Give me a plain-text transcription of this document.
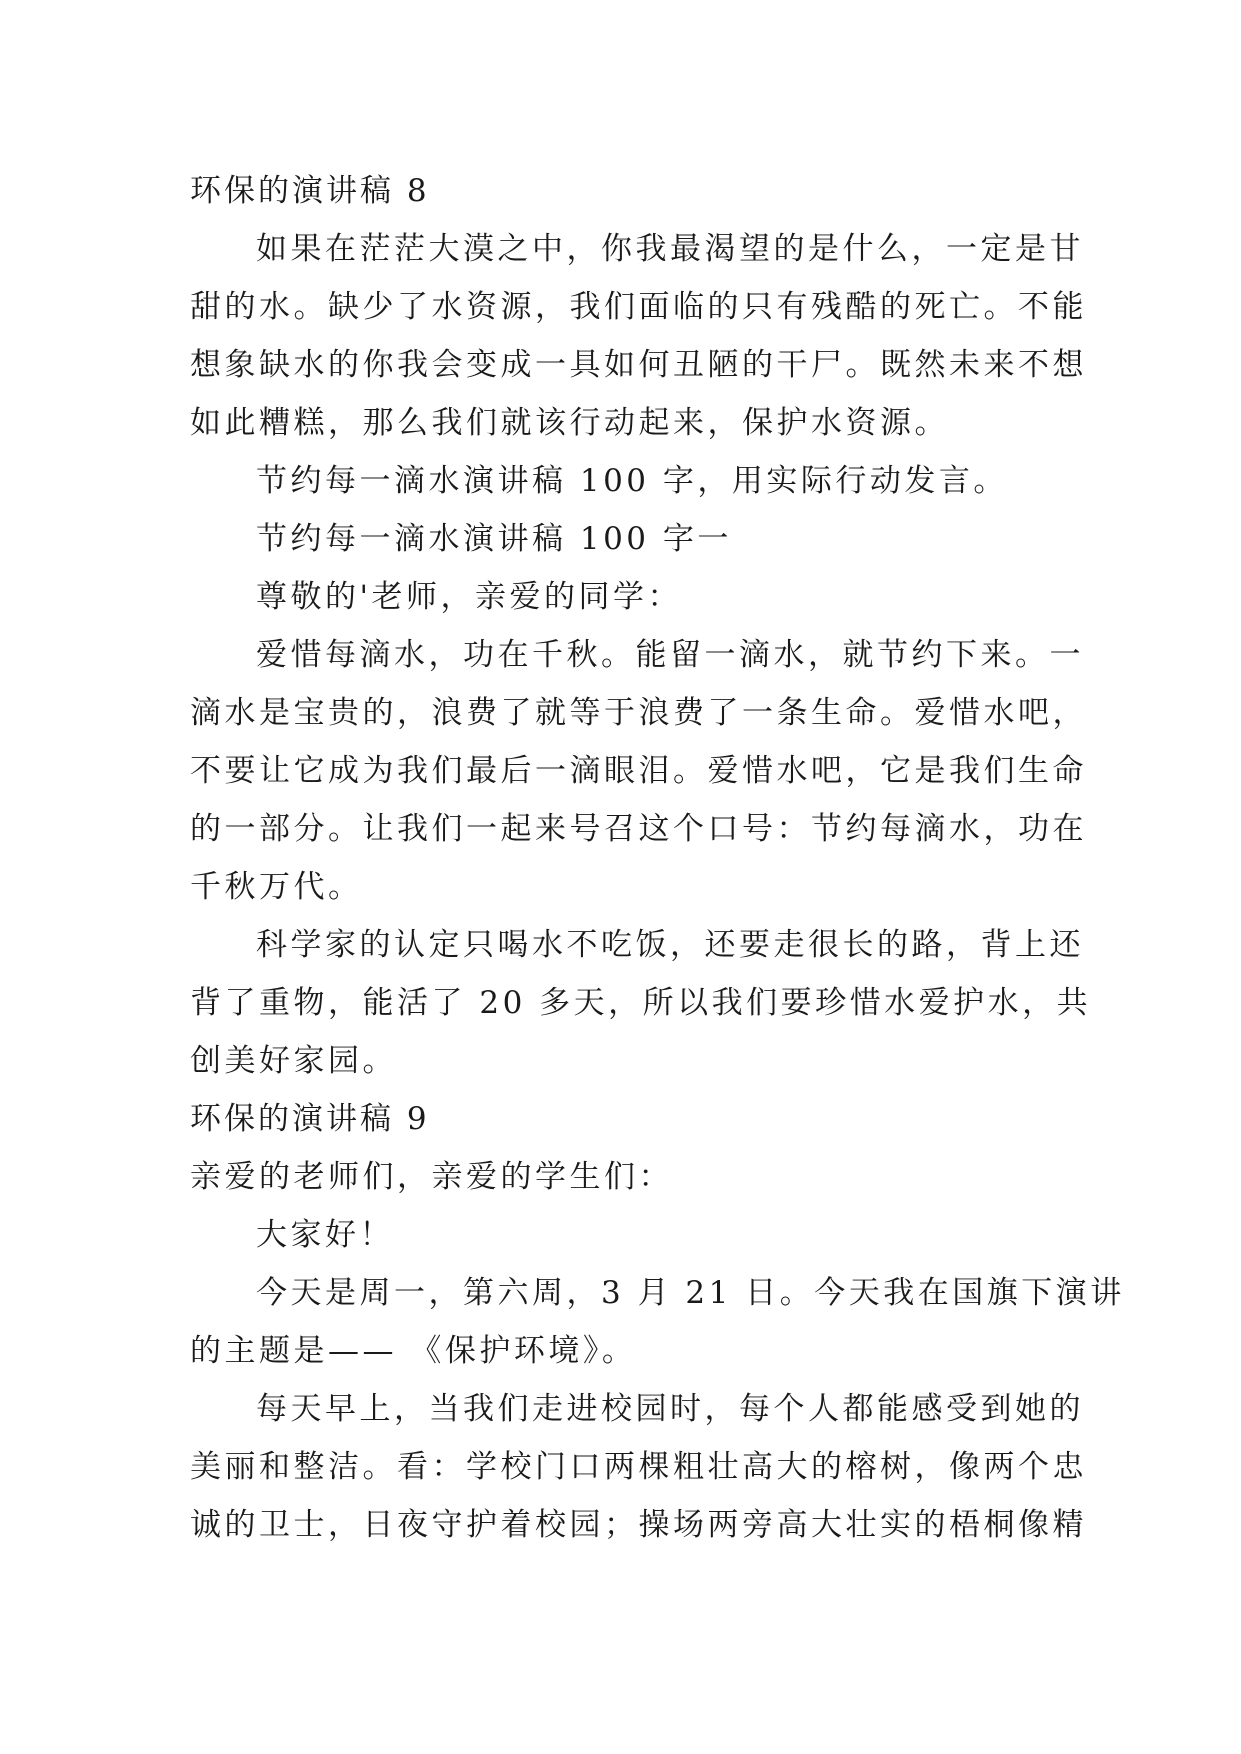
环保的演讲稿 8
如果在茫茫大漠之中，你我最渴望的是什么，一定是甘
甜的水。缺少了水资源，我们面临的只有残酷的死亡。不能
想象缺水的你我会变成一具如何丑陋的干尸。既然未来不想
如此糟糕，那么我们就该行动起来，保护水资源。
节约每一滴水演讲稿 100 字，用实际行动发言。
节约每一滴水演讲稿 100 字一
尊敬的'老师，亲爱的同学：
爱惜每滴水，功在千秋。能留一滴水，就节约下来。一
滴水是宝贵的，浪费了就等于浪费了一条生命。爱惜水吧，
不要让它成为我们最后一滴眼泪。爱惜水吧，它是我们生命
的一部分。让我们一起来号召这个口号：节约每滴水，功在
千秋万代。
科学家的认定只喝水不吃饭，还要走很长的路，背上还
背了重物，能活了 20 多天，所以我们要珍惜水爱护水，共
创美好家园。
环保的演讲稿 9
亲爱的老师们，亲爱的学生们：
大家好！
今天是周一，第六周，3 月 21 日。今天我在国旗下演讲
的主题是—— 《保护环境》。
每天早上，当我们走进校园时，每个人都能感受到她的
美丽和整洁。看：学校门口两棵粗壮高大的榕树，像两个忠
诚的卫士，日夜守护着校园；操场两旁高大壮实的梧桐像精
